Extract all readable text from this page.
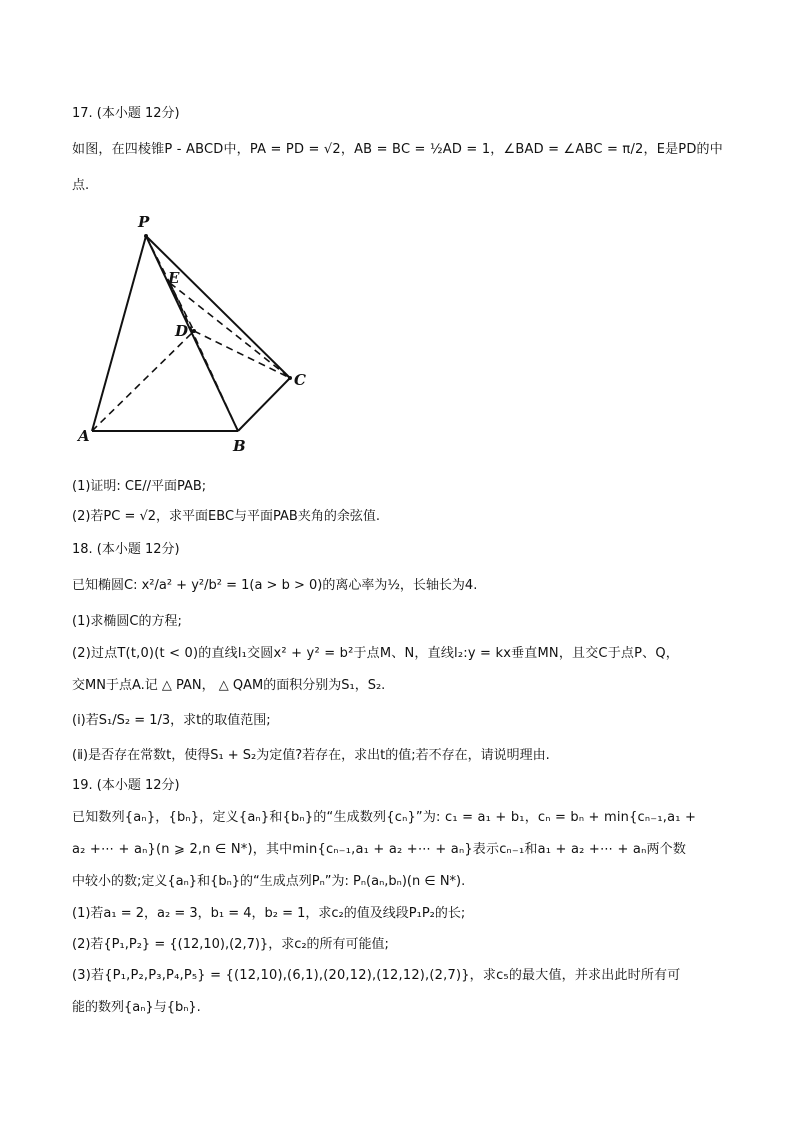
17. (本小题 12分)
如图，在四棱锥P - ABCD中，PA = PD = √2，AB = BC = ½AD = 1，∠BAD = ∠ABC = π/2，E是PD的中
点.
P
E
D
C
A
B
(1)证明: CE//平面PAB;
(2)若PC = √2，求平面EBC与平面PAB夹角的余弦值.
18. (本小题 12分)
已知椭圆C: x²/a² + y²/b² = 1(a > b > 0)的离心率为½，长轴长为4.
(1)求椭圆C的方程;
(2)过点T(t,0)(t < 0)的直线l₁交圆x² + y² = b²于点M、N，直线l₂:y = kx垂直MN，且交C于点P、Q，
交MN于点A.记 △ PAN， △ QAM的面积分别为S₁，S₂.
(ⅰ)若S₁/S₂ = 1/3，求t的取值范围;
(ⅱ)是否存在常数t，使得S₁ + S₂为定值?若存在，求出t的值;若不存在，请说明理由.
19. (本小题 12分)
已知数列{aₙ}，{bₙ}，定义{aₙ}和{bₙ}的“生成数列{cₙ}”为: c₁ = a₁ + b₁，cₙ = bₙ + min{cₙ₋₁,a₁ +
a₂ +⋯ + aₙ}(n ⩾ 2,n ∈ N*)，其中min{cₙ₋₁,a₁ + a₂ +⋯ + aₙ}表示cₙ₋₁和a₁ + a₂ +⋯ + aₙ两个数
中较小的数;定义{aₙ}和{bₙ}的“生成点列Pₙ”为: Pₙ(aₙ,bₙ)(n ∈ N*).
(1)若a₁ = 2，a₂ = 3，b₁ = 4，b₂ = 1，求c₂的值及线段P₁P₂的长;
(2)若{P₁,P₂} = {(12,10),(2,7)}，求c₂的所有可能值;
(3)若{P₁,P₂,P₃,P₄,P₅} = {(12,10),(6,1),(20,12),(12,12),(2,7)}，求c₅的最大值，并求出此时所有可
能的数列{aₙ}与{bₙ}.
